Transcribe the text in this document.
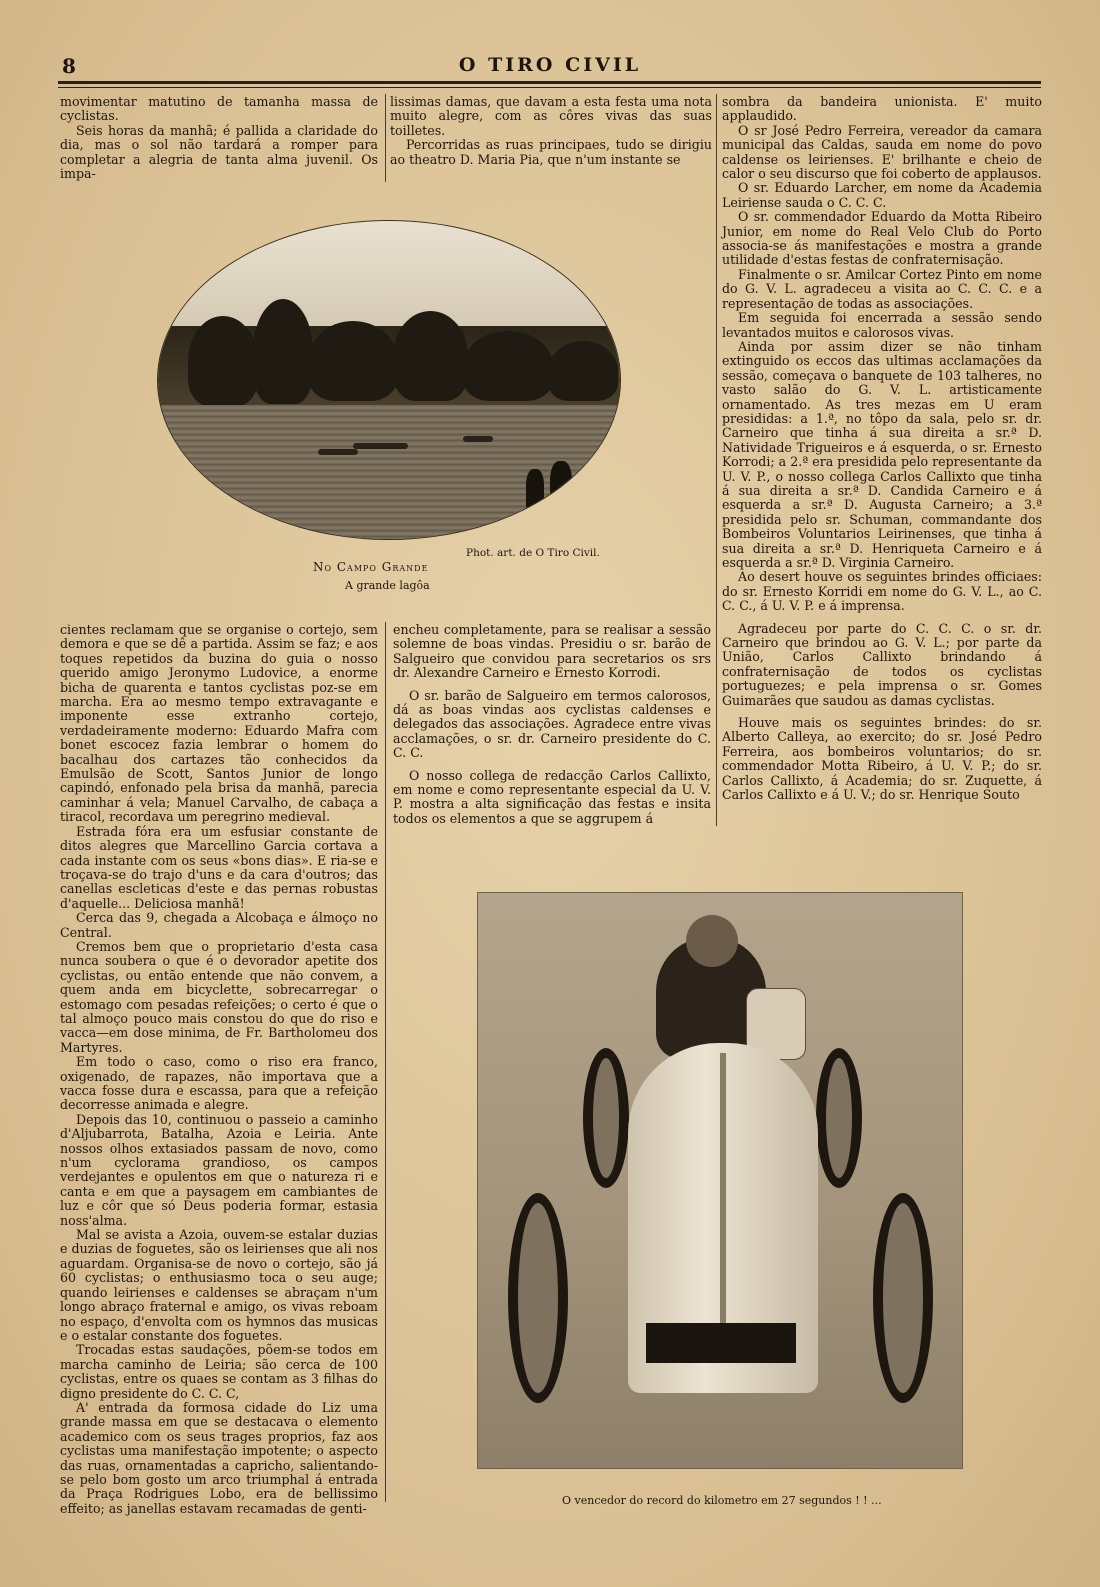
8	O TIRO CIVIL

movimentar matutino de tamanha massa de cyclistas.

Seis horas da manhã; é pallida a claridade do dia, mas o sol não tardará a romper para completar a alegria de tanta alma juvenil. Os impa-

lissimas damas, que davam a esta festa uma nota muito alegre, com as côres vivas das suas toilletes.

Percorridas as ruas principaes, tudo se dirigiu ao theatro D. Maria Pia, que n'um instante se

sombra da bandeira unionista. E' muito applaudido.

O sr José Pedro Ferreira, vereador da camara municipal das Caldas, sauda em nome do povo caldense os leirienses. E' brilhante e cheio de calor o seu discurso que foi coberto de applausos.

O sr. Eduardo Larcher, em nome da Academia Leiriense sauda o C. C. C.

O sr. commendador Eduardo da Motta Ribeiro Junior, em nome do Real Velo Club do Porto associa-se ás manifestações e mostra a grande utilidade d'estas festas de confraternisação.

Finalmente o sr. Amilcar Cortez Pinto em nome do G. V. L. agradeceu a visita ao C. C. C. e a representação de todas as associações.

Em seguida foi encerrada a sessão sendo levantados muitos e calorosos vivas.

Ainda por assim dizer se não tinham extinguido os eccos das ultimas acclamações da sessão, começava o banquete de 103 talheres, no vasto salão do G. V. L. artisticamente ornamentado. As tres mezas em U eram presididas: a 1.ª, no tôpo da sala, pelo sr. dr. Carneiro que tinha á sua direita a sr.ª D. Natividade Trigueiros e á esquerda, o sr. Ernesto Korrodi; a 2.ª era presidida pelo representante da U. V. P., o nosso collega Carlos Callixto que tinha á sua direita a sr.ª D. Candida Carneiro e á esquerda a sr.ª D. Augusta Carneiro; a 3.ª presidida pelo sr. Schuman, commandante dos Bombeiros Voluntarios Leirinenses, que tinha á sua direita a sr.ª D. Henriqueta Carneiro e á esquerda a sr.ª D. Virginia Carneiro.

Ao desert houve os seguintes brindes officiaes: do sr. Ernesto Korridi em nome do G. V. L., ao C. C. C., á U. V. P. e á imprensa.

Agradeceu por parte do C. C. C. o sr. dr. Carneiro que brindou ao G. V. L.; por parte da União, Carlos Callixto brindando á confraternisação de todos os cyclistas portuguezes; e pela imprensa o sr. Gomes Guimarães que saudou as damas cyclistas.

Houve mais os seguintes brindes: do sr. Alberto Calleya, ao exercito; do sr. José Pedro Ferreira, aos bombeiros voluntarios; do sr. commendador Motta Ribeiro, á U. V. P.; do sr. Carlos Callixto, á Academia; do sr. Zuquette, á Carlos Callixto e á U. V.; do sr. Henrique Souto

Phot. art. de O Tiro Civil.
No Campo Grande
A grande lagôa

cientes reclamam que se organise o cortejo, sem demora e que se dê a partida. Assim se faz; e aos toques repetidos da buzina do guia o nosso querido amigo Jeronymo Ludovice, a enorme bicha de quarenta e tantos cyclistas poz-se em marcha. Era ao mesmo tempo extravagante e imponente esse extranho cortejo, verdadeiramente moderno: Eduardo Mafra com bonet escocez fazia lembrar o homem do bacalhau dos cartazes tão conhecidos da Emulsão de Scott, Santos Junior de longo capindó, enfonado pela brisa da manhã, parecia caminhar á vela; Manuel Carvalho, de cabaça a tiracol, recordava um peregrino medieval.

Estrada fóra era um esfusiar constante de ditos alegres que Marcellino Garcia cortava a cada instante com os seus «bons dias». E ria-se e troçava-se do trajo d'uns e da cara d'outros; das canellas escleticas d'este e das pernas robustas d'aquelle... Deliciosa manhã!

Cerca das 9, chegada a Alcobaça e álmoço no Central.

Cremos bem que o proprietario d'esta casa nunca soubera o que é o devorador apetite dos cyclistas, ou então entende que não convem, a quem anda em bicyclette, sobrecarregar o estomago com pesadas refeições; o certo é que o tal almoço pouco mais constou do que do riso e vacca—em dose minima, de Fr. Bartholomeu dos Martyres.

Em todo o caso, como o riso era franco, oxigenado, de rapazes, não importava que a vacca fosse dura e escassa, para que a refeição decorresse animada e alegre.

Depois das 10, continuou o passeio a caminho d'Aljubarrota, Batalha, Azoia e Leiria. Ante nossos olhos extasiados passam de novo, como n'um cyclorama grandioso, os campos verdejantes e opulentos em que o natureza ri e canta e em que a paysagem em cambiantes de luz e côr que só Deus poderia formar, estasia noss'alma.

Mal se avista a Azoia, ouvem-se estalar duzias e duzias de foguetes, são os leirienses que ali nos aguardam. Organisa-se de novo o cortejo, são já 60 cyclistas; o enthusiasmo toca o seu auge; quando leirienses e caldenses se abraçam n'um longo abraço fraternal e amigo, os vivas reboam no espaço, d'envolta com os hymnos das musicas e o estalar constante dos foguetes.

Trocadas estas saudações, põem-se todos em marcha caminho de Leiria; são cerca de 100 cyclistas, entre os quaes se contam as 3 filhas do digno presidente do C. C. C,

A' entrada da formosa cidade do Liz uma grande massa em que se destacava o elemento academico com os seus trages proprios, faz aos cyclistas uma manifestação impotente; o aspecto das ruas, ornamentadas a capricho, salientando-se pelo bom gosto um arco triumphal á entrada da Praça Rodrigues Lobo, era de bellissimo effeito; as janellas estavam recamadas de genti-

encheu completamente, para se realisar a sessão solemne de boas vindas. Presidiu o sr. barão de Salgueiro que convidou para secretarios os srs dr. Alexandre Carneiro e Ernesto Korrodi.

O sr. barão de Salgueiro em termos calorosos, dá as boas vindas aos cyclistas caldenses e delegados das associações. Agradece entre vivas acclamações, o sr. dr. Carneiro presidente do C. C. C.

O nosso collega de redacção Carlos Callixto, em nome e como representante especial da U. V. P. mostra a alta significação das festas e insita todos os elementos a que se aggrupem á

O vencedor do record do kilometro em 27 segundos ! ! ...
